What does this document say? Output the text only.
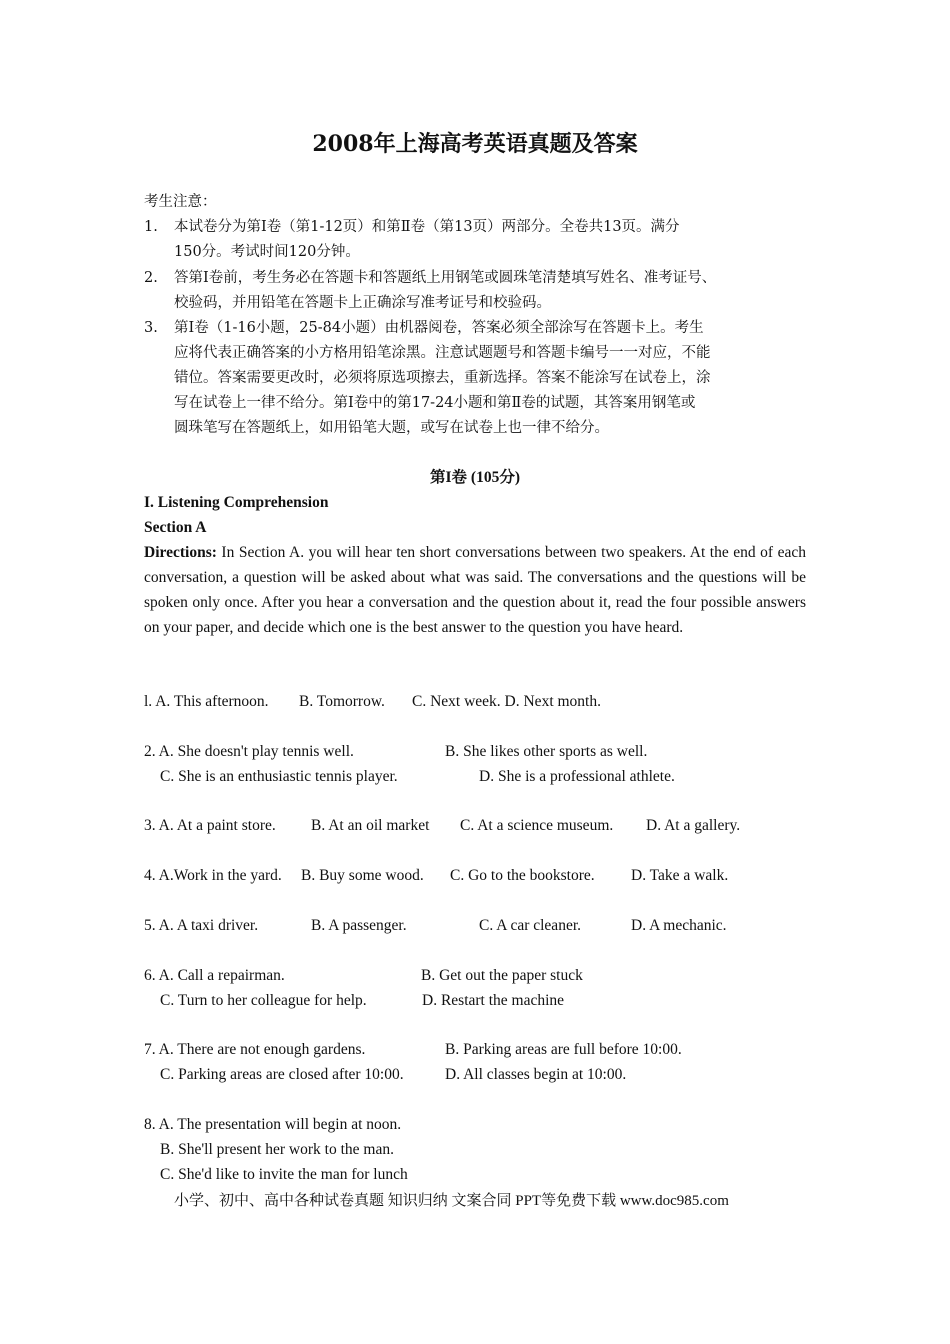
2008年上海高考英语真题及答案
考生注意：
1. 本试卷分为第Ⅰ卷（第1-12页）和第Ⅱ卷（第13页）两部分。全卷共13页。满分
150分。考试时间120分钟。
2. 答第Ⅰ卷前，考生务必在答题卡和答题纸上用钢笔或圆珠笔清楚填写姓名、准考证号、
校验码，并用铅笔在答题卡上正确涂写准考证号和校验码。
3. 第Ⅰ卷（1-16小题，25-84小题）由机器阅卷，答案必须全部涂写在答题卡上。考生
应将代表正确答案的小方格用铅笔涂黑。注意试题题号和答题卡编号一一对应，不能
错位。答案需要更改时，必须将原选项擦去，重新选择。答案不能涂写在试卷上，涂
写在试卷上一律不给分。第Ⅰ卷中的第17-24小题和第Ⅱ卷的试题，其答案用钢笔或
圆珠笔写在答题纸上，如用铅笔大题，或写在试卷上也一律不给分。
第I卷 (105分)
I. Listening Comprehension
Section A
Directions: In Section A. you will hear ten short conversations between two speakers. At the end of each conversation, a question will be asked about what was said. The conversations and the questions will be spoken only once. After you hear a conversation and the question about it, read the four possible answers on your paper, and decide which one is the best answer to the question you have heard.
l. A. This afternoon. B. Tomorrow. C. Next week. D. Next month.
2. A. She doesn't play tennis well.	B. She likes other sports as well.
C. She is an enthusiastic tennis player.	D. She is a professional athlete.
3. A. At a paint store. B. At an oil market C. At a science museum. D. At a gallery.
4. A.Work in the yard. B. Buy some wood. C. Go to the bookstore. D. Take a walk.
5. A. A taxi driver.	B. A passenger.	C. A car cleaner.	D. A mechanic.
6. A. Call a repairman.	B. Get out the paper stuck
C. Turn to her colleague for help.	D. Restart the machine
7. A. There are not enough gardens.	B. Parking areas are full before 10:00.
C. Parking areas are closed after 10:00.	D. All classes begin at 10:00.
8. A. The presentation will begin at noon.
B. She'll present her work to the man.
C. She'd like to invite the man for lunch
小学、初中、高中各种试卷真题 知识归纳 文案合同 PPT等免费下载 www.doc985.com
